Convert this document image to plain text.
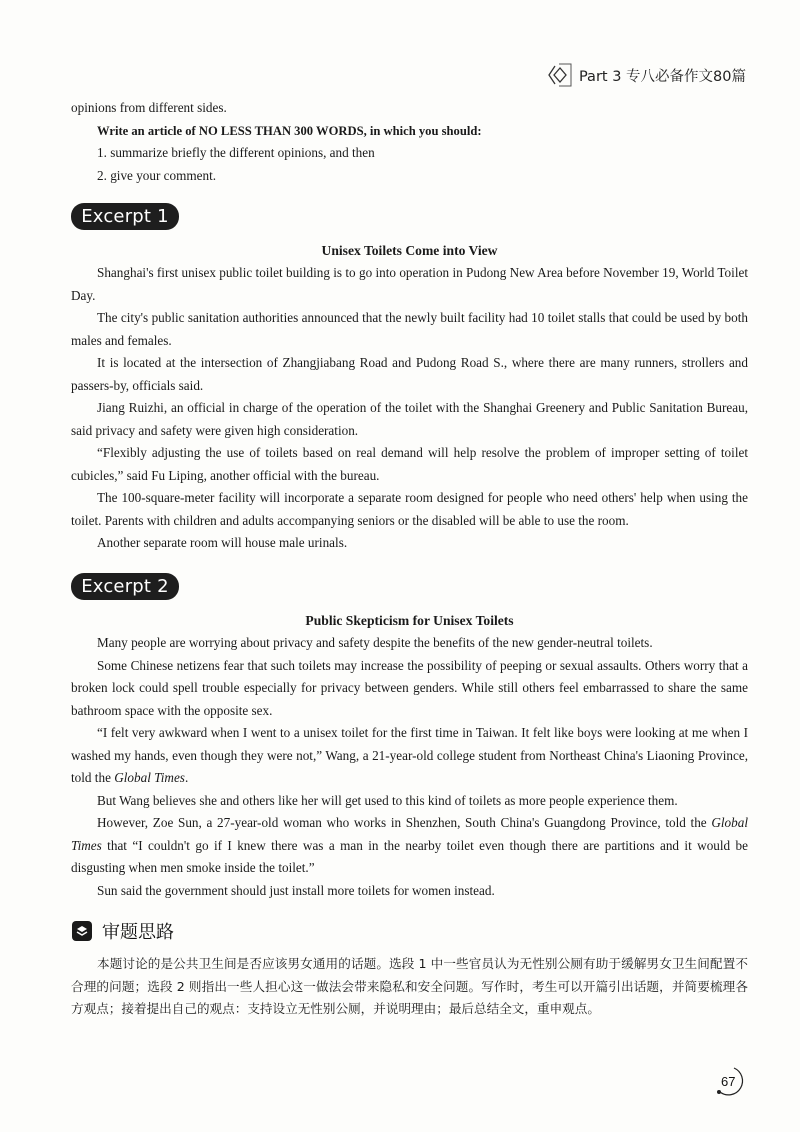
Part 3 专八必备作文80篇

opinions from different sides.

Write an article of NO LESS THAN 300 WORDS, in which you should:

1. summarize briefly the different opinions, and then

2. give your comment.

Excerpt 1

Unisex Toilets Come into View

Shanghai's first unisex public toilet building is to go into operation in Pudong New Area before November 19, World Toilet Day.

The city's public sanitation authorities announced that the newly built facility had 10 toilet stalls that could be used by both males and females.

It is located at the intersection of Zhangjiabang Road and Pudong Road S., where there are many runners, strollers and passers-by, officials said.

Jiang Ruizhi, an official in charge of the operation of the toilet with the Shanghai Greenery and Public Sanitation Bureau, said privacy and safety were given high consideration.

“Flexibly adjusting the use of toilets based on real demand will help resolve the problem of improper setting of toilet cubicles,” said Fu Liping, another official with the bureau.

The 100-square-meter facility will incorporate a separate room designed for people who need others' help when using the toilet. Parents with children and adults accompanying seniors or the disabled will be able to use the room.

Another separate room will house male urinals.

Excerpt 2

Public Skepticism for Unisex Toilets

Many people are worrying about privacy and safety despite the benefits of the new gender-neutral toilets.

Some Chinese netizens fear that such toilets may increase the possibility of peeping or sexual assaults. Others worry that a broken lock could spell trouble especially for privacy between genders. While still others feel embarrassed to share the same bathroom space with the opposite sex.

“I felt very awkward when I went to a unisex toilet for the first time in Taiwan. It felt like boys were looking at me when I washed my hands, even though they were not,” Wang, a 21-year-old college student from Northeast China's Liaoning Province, told the Global Times.

But Wang believes she and others like her will get used to this kind of toilets as more people experience them.

However, Zoe Sun, a 27-year-old woman who works in Shenzhen, South China's Guangdong Province, told the Global Times that “I couldn't go if I knew there was a man in the nearby toilet even though there are partitions and it would be disgusting when men smoke inside the toilet.”

Sun said the government should just install more toilets for women instead.

审题思路

本题讨论的是公共卫生间是否应该男女通用的话题。选段 1 中一些官员认为无性别公厕有助于缓解男女卫生间配置不合理的问题；选段 2 则指出一些人担心这一做法会带来隐私和安全问题。写作时，考生可以开篇引出话题，并简要梳理各方观点；接着提出自己的观点：支持设立无性别公厕，并说明理由；最后总结全文，重申观点。

67
